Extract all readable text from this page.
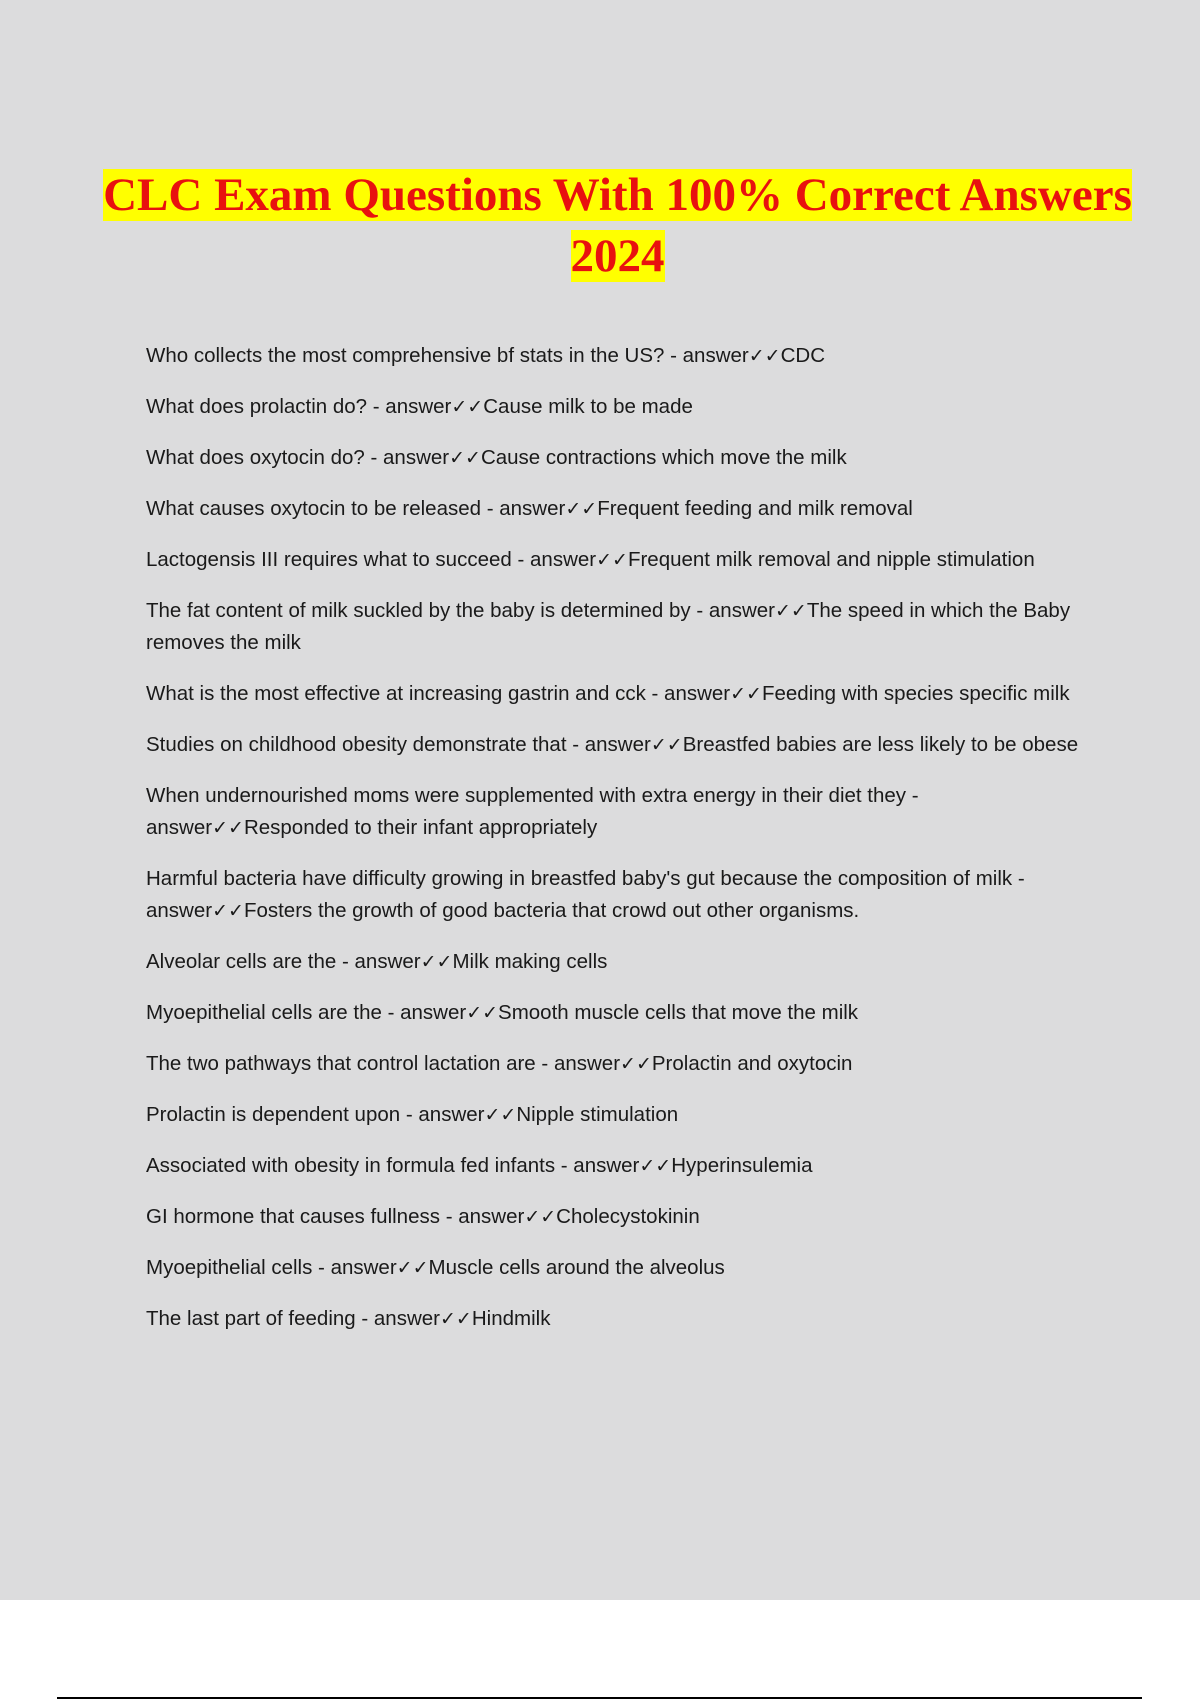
CLC Exam Questions With 100% Correct Answers 2024
Who collects the most comprehensive bf stats in the US? - answer✓✓CDC
What does prolactin do? - answer✓✓Cause milk to be made
What does oxytocin do? - answer✓✓Cause contractions which move the milk
What causes oxytocin to be released - answer✓✓Frequent feeding and milk removal
Lactogensis III requires what to succeed - answer✓✓Frequent milk removal and nipple stimulation
The fat content of milk suckled by the baby is determined by - answer✓✓The speed in which the Baby removes the milk
What is the most effective at increasing gastrin and cck - answer✓✓Feeding with species specific milk
Studies on childhood obesity demonstrate that - answer✓✓Breastfed babies are less likely to be obese
When undernourished moms were supplemented with extra energy in their diet they - answer✓✓Responded to their infant appropriately
Harmful bacteria have difficulty growing in breastfed baby's gut because the composition of milk - answer✓✓Fosters the growth of good bacteria that crowd out other organisms.
Alveolar cells are the - answer✓✓Milk making cells
Myoepithelial cells are the - answer✓✓Smooth muscle cells that move the milk
The two pathways that control lactation are - answer✓✓Prolactin and oxytocin
Prolactin is dependent upon - answer✓✓Nipple stimulation
Associated with obesity in formula fed infants - answer✓✓Hyperinsulemia
GI hormone that causes fullness - answer✓✓Cholecystokinin
Myoepithelial cells - answer✓✓Muscle cells around the alveolus
The last part of feeding - answer✓✓Hindmilk
